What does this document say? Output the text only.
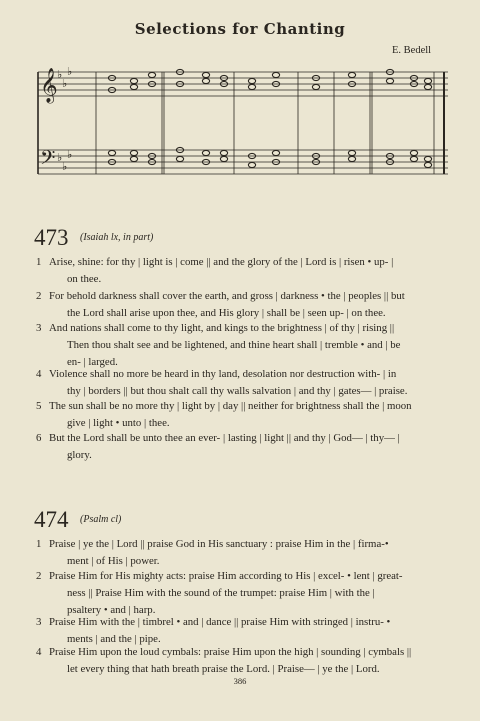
Selections for Chanting
E. Bedell
𝄞
𝄢
♭
♭
♭
♭
♭
♭
473 (Isaiah lx, in part)
1 Arise, shine: for thy | light is | come || and the glory of the | Lord is | risen • up- |
on thee.
2 For behold darkness shall cover the earth, and gross | darkness • the | peoples || but
the Lord shall arise upon thee, and His glory | shall be | seen up- | on thee.
3 And nations shall come to thy light, and kings to the brightness | of thy | rising ||
Then thou shalt see and be lightened, and thine heart shall | tremble • and | be
en- | larged.
4 Violence shall no more be heard in thy land, desolation nor destruction with- | in
thy | borders || but thou shalt call thy walls salvation | and thy | gates— | praise.
5 The sun shall be no more thy | light by | day || neither for brightness shall the | moon
give | light • unto | thee.
6 But the Lord shall be unto thee an ever- | lasting | light || and thy | God— | thy— |
glory.
474 (Psalm cl)
1 Praise | ye the | Lord || praise God in His sanctuary : praise Him in the | firma-•
ment | of His | power.
2 Praise Him for His mighty acts: praise Him according to His | excel- • lent | great-
ness || Praise Him with the sound of the trumpet: praise Him | with the |
psaltery • and | harp.
3 Praise Him with the | timbrel • and | dance || praise Him with stringed | instru- •
ments | and the | pipe.
4 Praise Him upon the loud cymbals: praise Him upon the high | sounding | cymbals ||
let every thing that hath breath praise the Lord. | Praise— | ye the | Lord.
386
